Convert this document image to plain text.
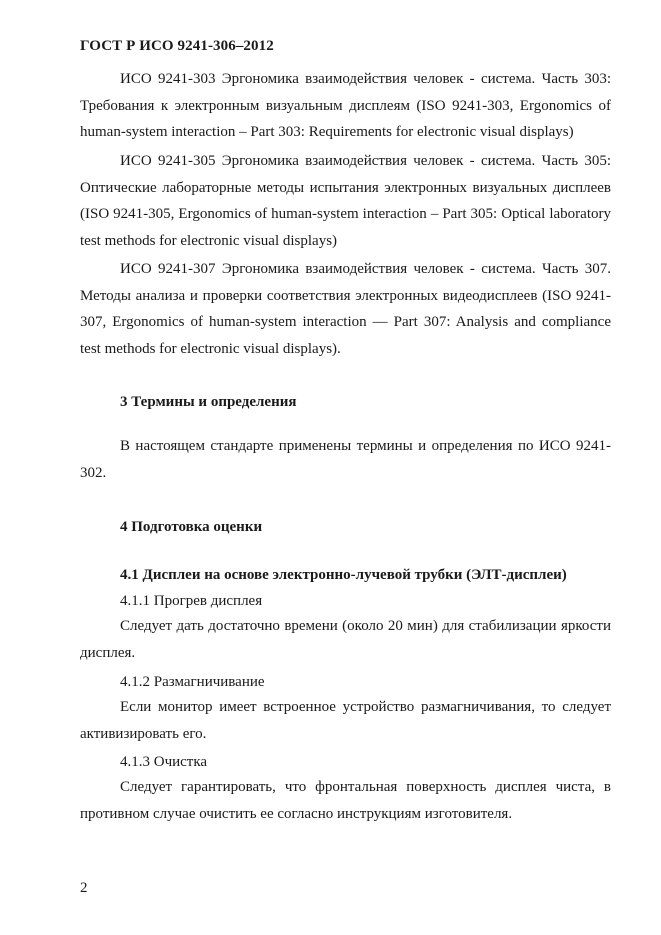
ГОСТ Р ИСО 9241-306–2012

ИСО 9241-303 Эргономика взаимодействия человек - система. Часть 303: Требования к электронным визуальным дисплеям (ISO 9241-303, Ergonomics of human-system interaction – Part 303: Requirements for electronic visual displays)

ИСО 9241-305 Эргономика взаимодействия человек - система. Часть 305: Оптические лабораторные методы испытания электронных визуальных дисплеев (ISO 9241-305, Ergonomics of human-system interaction – Part 305: Optical laboratory test methods for electronic visual displays)

ИСО 9241-307 Эргономика взаимодействия человек - система. Часть 307. Методы анализа и проверки соответствия электронных видеодисплеев (ISO 9241-307, Ergonomics of human-system interaction — Part 307: Analysis and compliance test methods for electronic visual displays).

3 Термины и определения

В настоящем стандарте применены термины и определения по ИСО 9241-302.

4 Подготовка оценки
4.1 Дисплеи на основе электронно-лучевой трубки (ЭЛТ-дисплеи)
4.1.1 Прогрев дисплея

Следует дать достаточно времени (около 20 мин) для стабилизации яркости дисплея.

4.1.2 Размагничивание

Если монитор имеет встроенное устройство размагничивания, то следует активизировать его.

4.1.3 Очистка

Следует гарантировать, что фронтальная поверхность дисплея чиста, в противном случае очистить ее согласно инструкциям изготовителя.

2
